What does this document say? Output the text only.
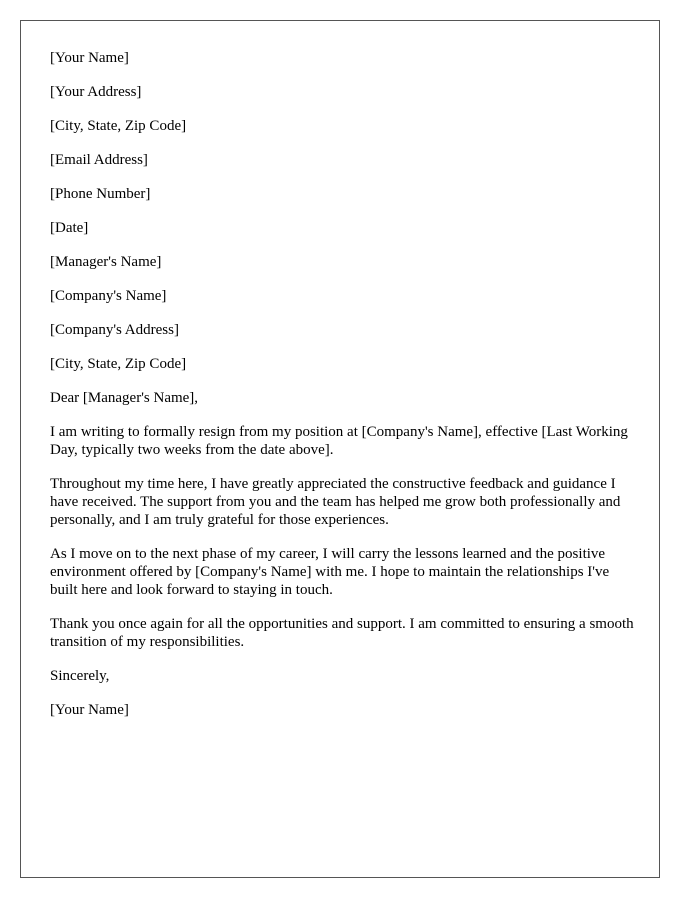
[Your Name]
[Your Address]
[City, State, Zip Code]
[Email Address]
[Phone Number]
[Date]
[Manager's Name]
[Company's Name]
[Company's Address]
[City, State, Zip Code]
Dear [Manager's Name],

I am writing to formally resign from my position at [Company's Name], effective [Last Working Day, typically two weeks from the date above].

Throughout my time here, I have greatly appreciated the constructive feedback and guidance I have received. The support from you and the team has helped me grow both professionally and personally, and I am truly grateful for those experiences.

As I move on to the next phase of my career, I will carry the lessons learned and the positive environment offered by [Company's Name] with me. I hope to maintain the relationships I've built here and look forward to staying in touch.

Thank you once again for all the opportunities and support. I am committed to ensuring a smooth transition of my responsibilities.

Sincerely,
[Your Name]
